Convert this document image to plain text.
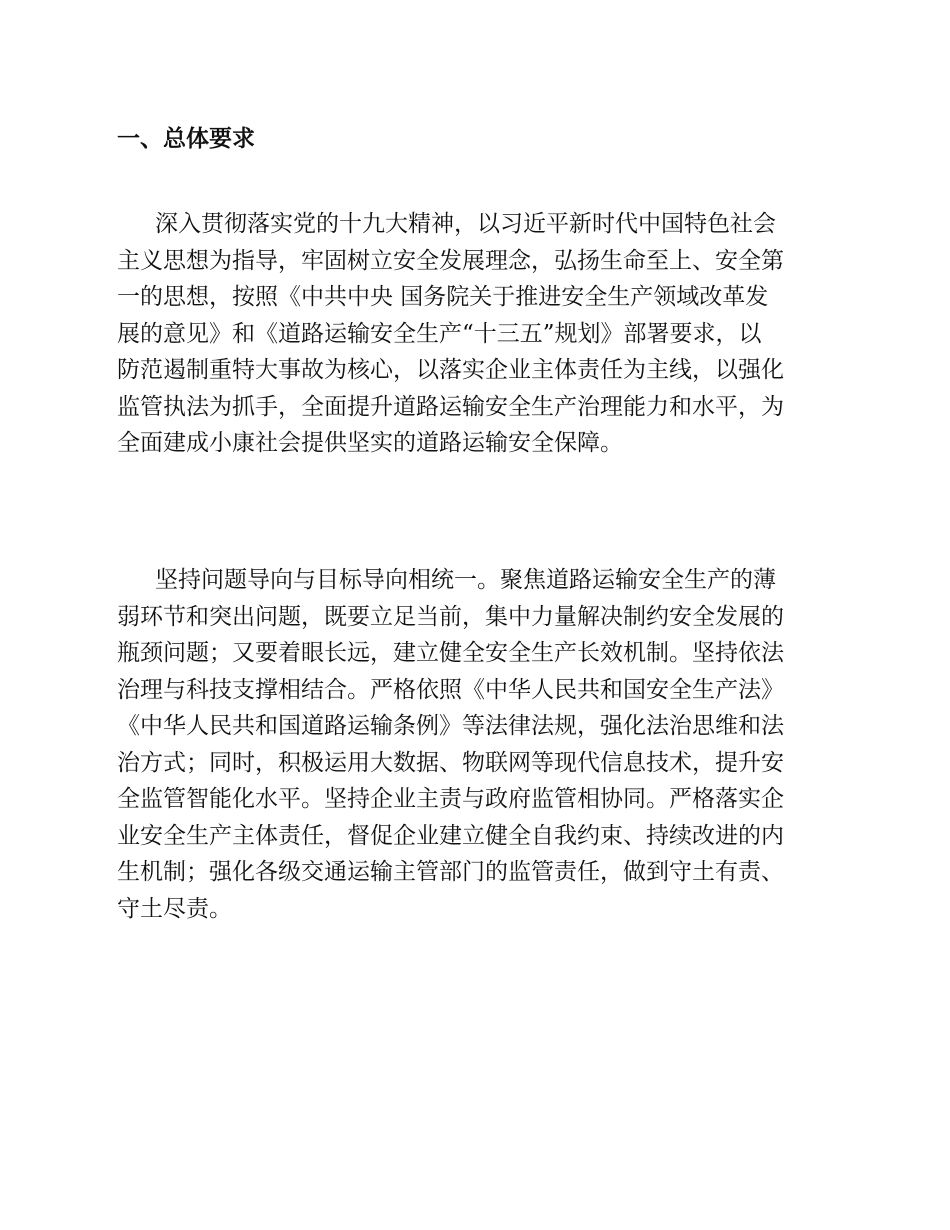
一、总体要求
深入贯彻落实党的十九大精神，以习近平新时代中国特色社会
主义思想为指导，牢固树立安全发展理念，弘扬生命至上、安全第
一的思想，按照《中共中央 国务院关于推进安全生产领域改革发
展的意见》和《道路运输安全生产“十三五”规划》部署要求，以
防范遏制重特大事故为核心，以落实企业主体责任为主线，以强化
监管执法为抓手，全面提升道路运输安全生产治理能力和水平，为
全面建成小康社会提供坚实的道路运输安全保障。
坚持问题导向与目标导向相统一。聚焦道路运输安全生产的薄
弱环节和突出问题，既要立足当前，集中力量解决制约安全发展的
瓶颈问题；又要着眼长远，建立健全安全生产长效机制。坚持依法
治理与科技支撑相结合。严格依照《中华人民共和国安全生产法》
《中华人民共和国道路运输条例》等法律法规，强化法治思维和法
治方式；同时，积极运用大数据、物联网等现代信息技术，提升安
全监管智能化水平。坚持企业主责与政府监管相协同。严格落实企
业安全生产主体责任，督促企业建立健全自我约束、持续改进的内
生机制；强化各级交通运输主管部门的监管责任，做到守土有责、
守土尽责。
